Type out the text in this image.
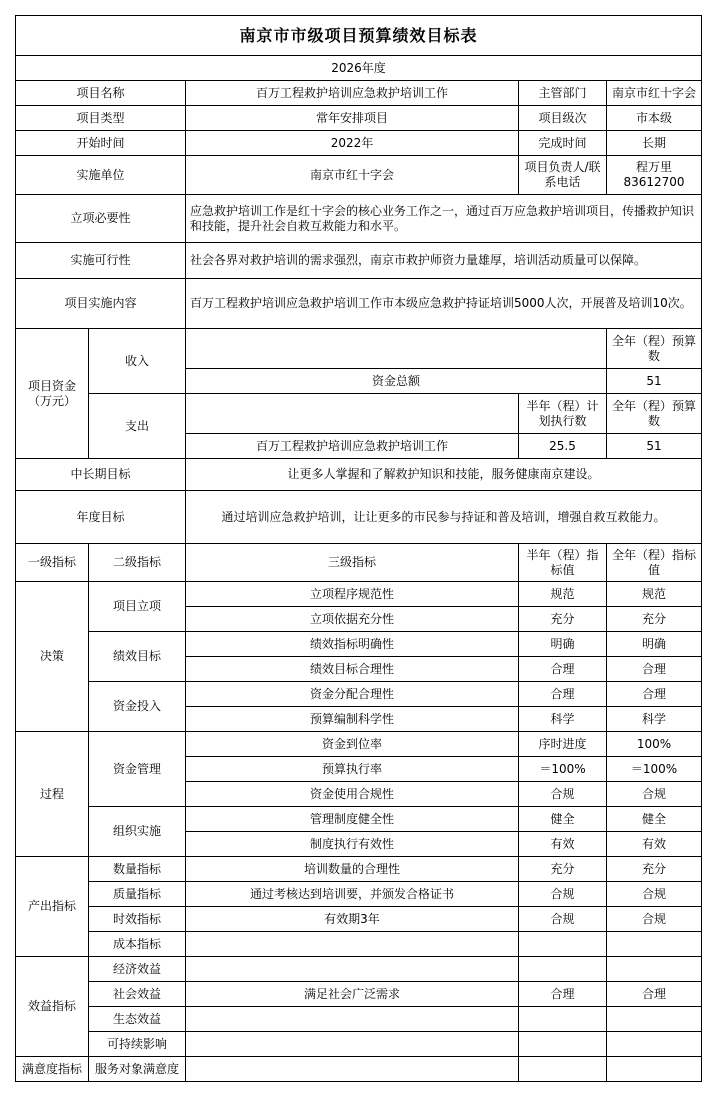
南京市市级项目预算绩效目标表				
2026年度				
项目名称		百万工程救护培训应急救护培训工作	主管部门	南京市红十字会
项目类型		常年安排项目	项目级次	市本级
开始时间		2022年	完成时间	长期
实施单位		南京市红十字会	项目负责人/联系电话	程万里83612700
立项必要性		应急救护培训工作是红十字会的核心业务工作之一，通过百万应急救护培训项目，传播救护知识和技能，提升社会自救互救能力和水平。		
实施可行性		社会各界对救护培训的需求强烈，南京市救护师资力量雄厚，培训活动质量可以保障。		
项目实施内容		百万工程救护培训应急救护培训工作市本级应急救护持证培训5000人次，开展普及培训10次。		
项目资金（万元）	收入			全年（程）预算数
		资金总额		51
	支出		半年（程）计划执行数	全年（程）预算数
		百万工程救护培训应急救护培训工作	25.5	51
中长期目标		让更多人掌握和了解救护知识和技能，服务健康南京建设。		
年度目标		通过培训应急救护培训，让让更多的市民参与持证和普及培训，增强自救互救能力。		
一级指标	二级指标	三级指标	半年（程）指标值	全年（程）指标值
决策	项目立项	立项程序规范性	规范	规范
		立项依据充分性	充分	充分
	绩效目标	绩效指标明确性	明确	明确
		绩效目标合理性	合理	合理
	资金投入	资金分配合理性	合理	合理
		预算编制科学性	科学	科学
过程	资金管理	资金到位率	序时进度	100%
		预算执行率	＝100%	＝100%
		资金使用合规性	合规	合规
	组织实施	管理制度健全性	健全	健全
		制度执行有效性	有效	有效
产出指标	数量指标	培训数量的合理性	充分	充分
	质量指标	通过考核达到培训要，并颁发合格证书	合规	合规
	时效指标	有效期3年	合规	合规
	成本指标			
效益指标	经济效益			
	社会效益	满足社会广泛需求	合理	合理
	生态效益			
	可持续影响			
满意度指标	服务对象满意度			
